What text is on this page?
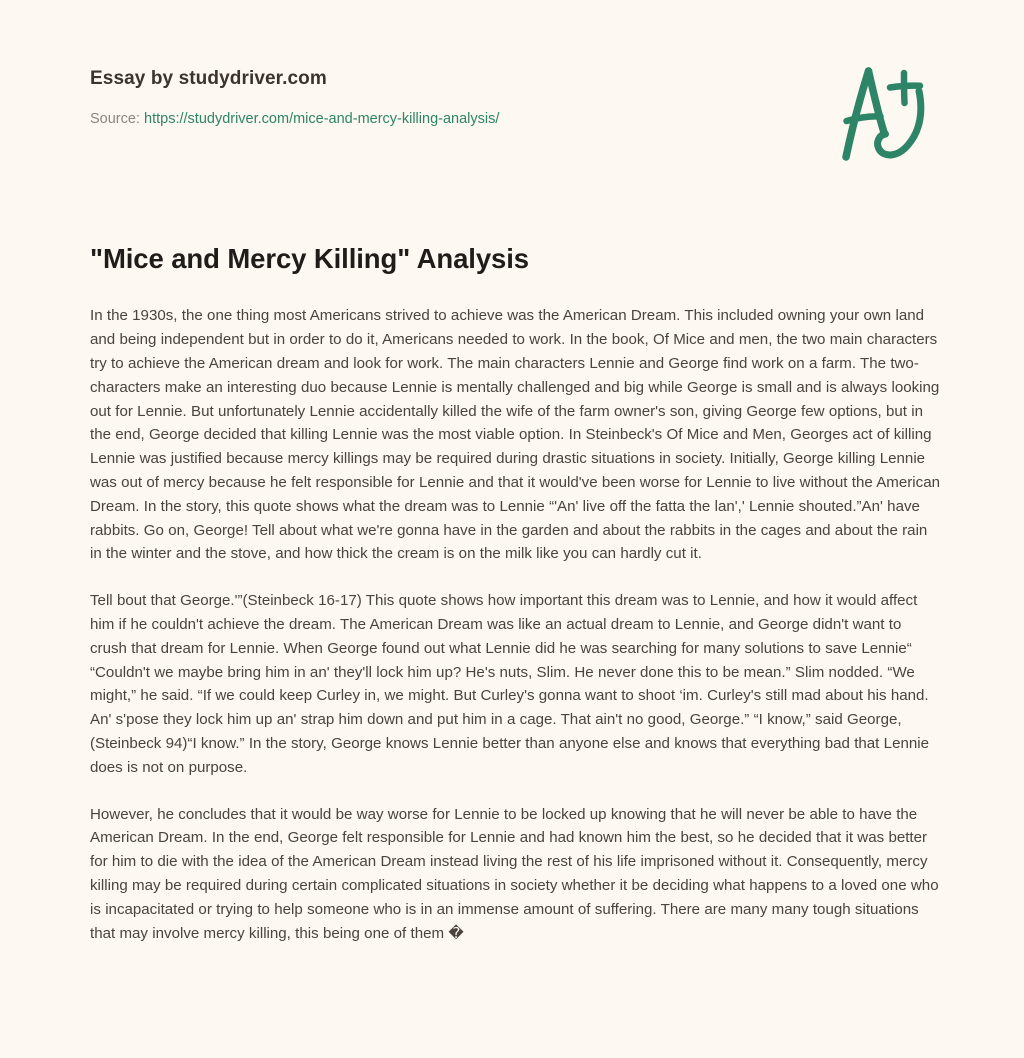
Essay by studydriver.com
Source: https://studydriver.com/mice-and-mercy-killing-analysis/
"Mice and Mercy Killing" Analysis

In the 1930s, the one thing most Americans strived to achieve was the American Dream. This included owning your own land and being independent but in order to do it, Americans needed to work. In the book, Of Mice and men, the two main characters try to achieve the American dream and look for work. The main characters Lennie and George find work on a farm. The two-characters make an interesting duo because Lennie is mentally challenged and big while George is small and is always looking out for Lennie. But unfortunately Lennie accidentally killed the wife of the farm owner's son, giving George few options, but in the end, George decided that killing Lennie was the most viable option. In Steinbeck's Of Mice and Men, Georges act of killing Lennie was justified because mercy killings may be required during drastic situations in society. Initially, George killing Lennie was out of mercy because he felt responsible for Lennie and that it would've been worse for Lennie to live without the American Dream. In the story, this quote shows what the dream was to Lennie “'An' live off the fatta the lan',' Lennie shouted.”An' have rabbits. Go on, George! Tell about what we're gonna have in the garden and about the rabbits in the cages and about the rain in the winter and the stove, and how thick the cream is on the milk like you can hardly cut it.

Tell bout that George.'”(Steinbeck 16-17) This quote shows how important this dream was to Lennie, and how it would affect him if he couldn't achieve the dream. The American Dream was like an actual dream to Lennie, and George didn't want to crush that dream for Lennie. When George found out what Lennie did he was searching for many solutions to save Lennie“ “Couldn't we maybe bring him in an' they'll lock him up? He's nuts, Slim. He never done this to be mean.” Slim nodded. “We might,” he said. “If we could keep Curley in, we might. But Curley's gonna want to shoot ‘im. Curley's still mad about his hand. An' s'pose they lock him up an' strap him down and put him in a cage. That ain't no good, George.” “I know,” said George,(Steinbeck 94)“I know.” In the story, George knows Lennie better than anyone else and knows that everything bad that Lennie does is not on purpose.

However, he concludes that it would be way worse for Lennie to be locked up knowing that he will never be able to have the American Dream. In the end, George felt responsible for Lennie and had known him the best, so he decided that it was better for him to die with the idea of the American Dream instead living the rest of his life imprisoned without it. Consequently, mercy killing may be required during certain complicated situations in society whether it be deciding what happens to a loved one who is incapacitated or trying to help someone who is in an immense amount of suffering. There are many many tough situations that may involve mercy killing, this being one of them �
